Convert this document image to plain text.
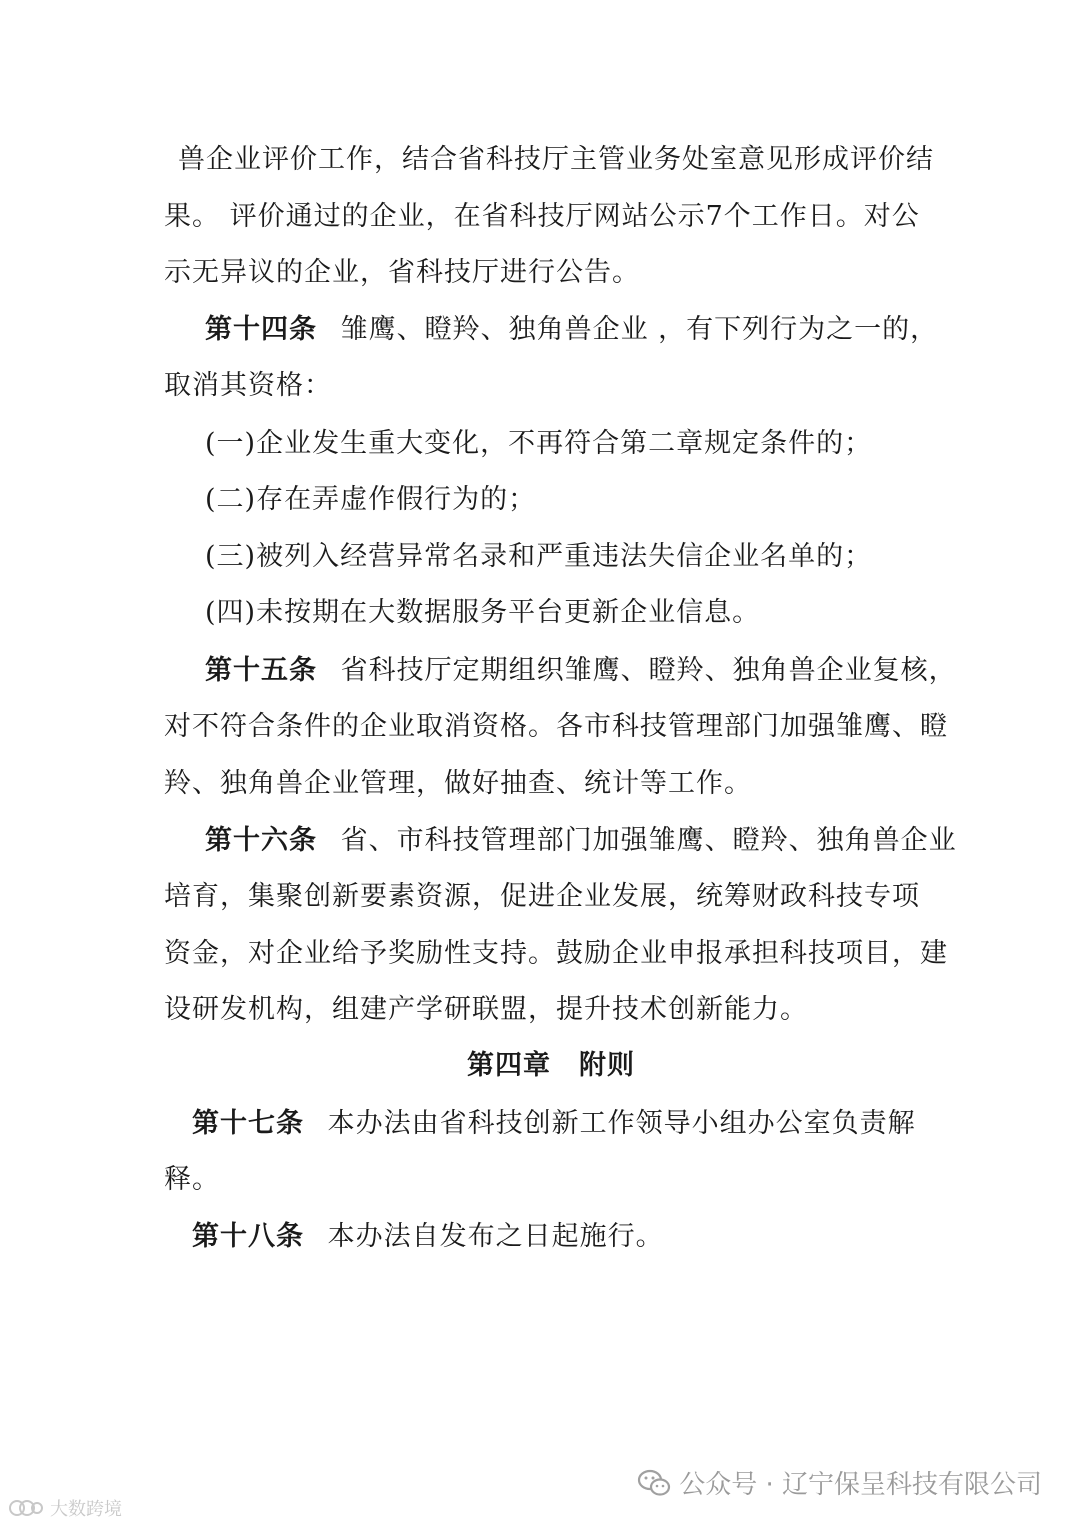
兽企业评价工作，结合省科技厅主管业务处室意见形成评价结
果。 评价通过的企业，在省科技厅网站公示7个工作日。对公
示无异议的企业，省科技厅进行公告。
第十四条 雏鹰、瞪羚、独角兽企业 ，有下列行为之一的，
取消其资格：
(一)企业发生重大变化，不再符合第二章规定条件的；
(二)存在弄虚作假行为的；
(三)被列入经营异常名录和严重违法失信企业名单的；
(四)未按期在大数据服务平台更新企业信息。
第十五条 省科技厅定期组织雏鹰、瞪羚、独角兽企业复核，
对不符合条件的企业取消资格。各市科技管理部门加强雏鹰、瞪
羚、独角兽企业管理，做好抽查、统计等工作。
第十六条 省、市科技管理部门加强雏鹰、瞪羚、独角兽企业
培育，集聚创新要素资源，促进企业发展，统筹财政科技专项
资金，对企业给予奖励性支持。鼓励企业申报承担科技项目，建
设研发机构，组建产学研联盟，提升技术创新能力。
第四章　附则
第十七条 本办法由省科技创新工作领导小组办公室负责解
释。
第十八条 本办法自发布之日起施行。
公众号 · 辽宁保呈科技有限公司
大数跨境
